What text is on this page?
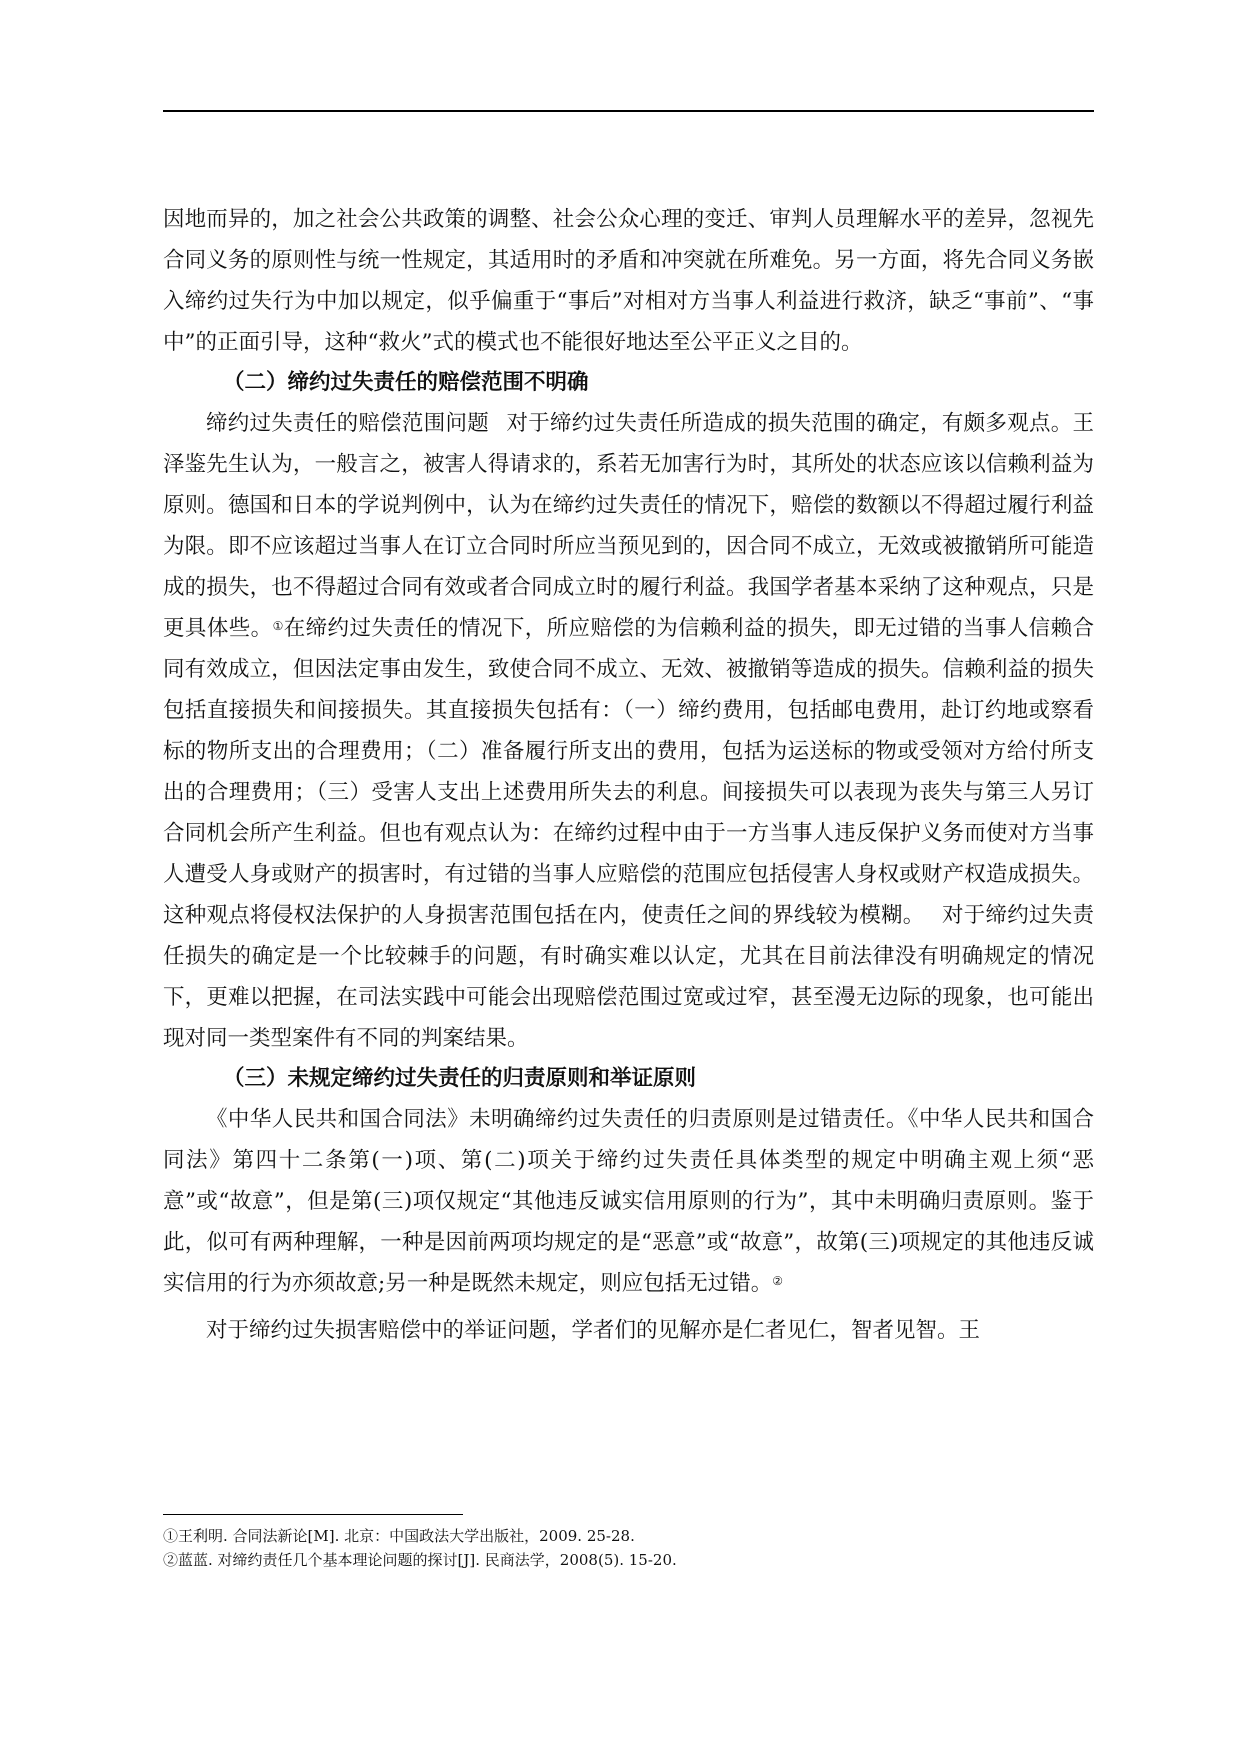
因地而异的，加之社会公共政策的调整、社会公众心理的变迁、审判人员理解水平的差异，忽视先合同义务的原则性与统一性规定，其适用时的矛盾和冲突就在所难免。另一方面，将先合同义务嵌入缔约过失行为中加以规定，似乎偏重于“事后”对相对方当事人利益进行救济，缺乏“事前”、“事中”的正面引导，这种“救火”式的模式也不能很好地达至公平正义之目的。

（二）缔约过失责任的赔偿范围不明确

缔约过失责任的赔偿范围问题 对于缔约过失责任所造成的损失范围的确定，有颇多观点。王泽鉴先生认为，一般言之，被害人得请求的，系若无加害行为时，其所处的状态应该以信赖利益为原则。德国和日本的学说判例中，认为在缔约过失责任的情况下，赔偿的数额以不得超过履行利益为限。即不应该超过当事人在订立合同时所应当预见到的，因合同不成立，无效或被撤销所可能造成的损失，也不得超过合同有效或者合同成立时的履行利益。我国学者基本采纳了这种观点，只是更具体些。①在缔约过失责任的情况下，所应赔偿的为信赖利益的损失，即无过错的当事人信赖合同有效成立，但因法定事由发生，致使合同不成立、无效、被撤销等造成的损失。信赖利益的损失包括直接损失和间接损失。其直接损失包括有：（一）缔约费用，包括邮电费用，赴订约地或察看标的物所支出的合理费用；（二）准备履行所支出的费用，包括为运送标的物或受领对方给付所支出的合理费用；（三）受害人支出上述费用所失去的利息。间接损失可以表现为丧失与第三人另订合同机会所产生利益。但也有观点认为：在缔约过程中由于一方当事人违反保护义务而使对方当事人遭受人身或财产的损害时，有过错的当事人应赔偿的范围应包括侵害人身权或财产权造成损失。这种观点将侵权法保护的人身损害范围包括在内，使责任之间的界线较为模糊。 对于缔约过失责任损失的确定是一个比较棘手的问题，有时确实难以认定，尤其在目前法律没有明确规定的情况下，更难以把握，在司法实践中可能会出现赔偿范围过宽或过窄，甚至漫无边际的现象，也可能出现对同一类型案件有不同的判案结果。

（三）未规定缔约过失责任的归责原则和举证原则

《中华人民共和国合同法》未明确缔约过失责任的归责原则是过错责任。《中华人民共和国合同法》第四十二条第(一)项、第(二)项关于缔约过失责任具体类型的规定中明确主观上须“恶意”或“故意”，但是第(三)项仅规定“其他违反诚实信用原则的行为”，其中未明确归责原则。鉴于此，似可有两种理解，一种是因前两项均规定的是“恶意”或“故意”，故第(三)项规定的其他违反诚实信用的行为亦须故意;另一种是既然未规定，则应包括无过错。②

对于缔约过失损害赔偿中的举证问题，学者们的见解亦是仁者见仁，智者见智。王

①王利明. 合同法新论[M]. 北京：中国政法大学出版社，2009. 25-28.

②蓝蓝. 对缔约责任几个基本理论问题的探讨[J]. 民商法学，2008(5). 15-20.
